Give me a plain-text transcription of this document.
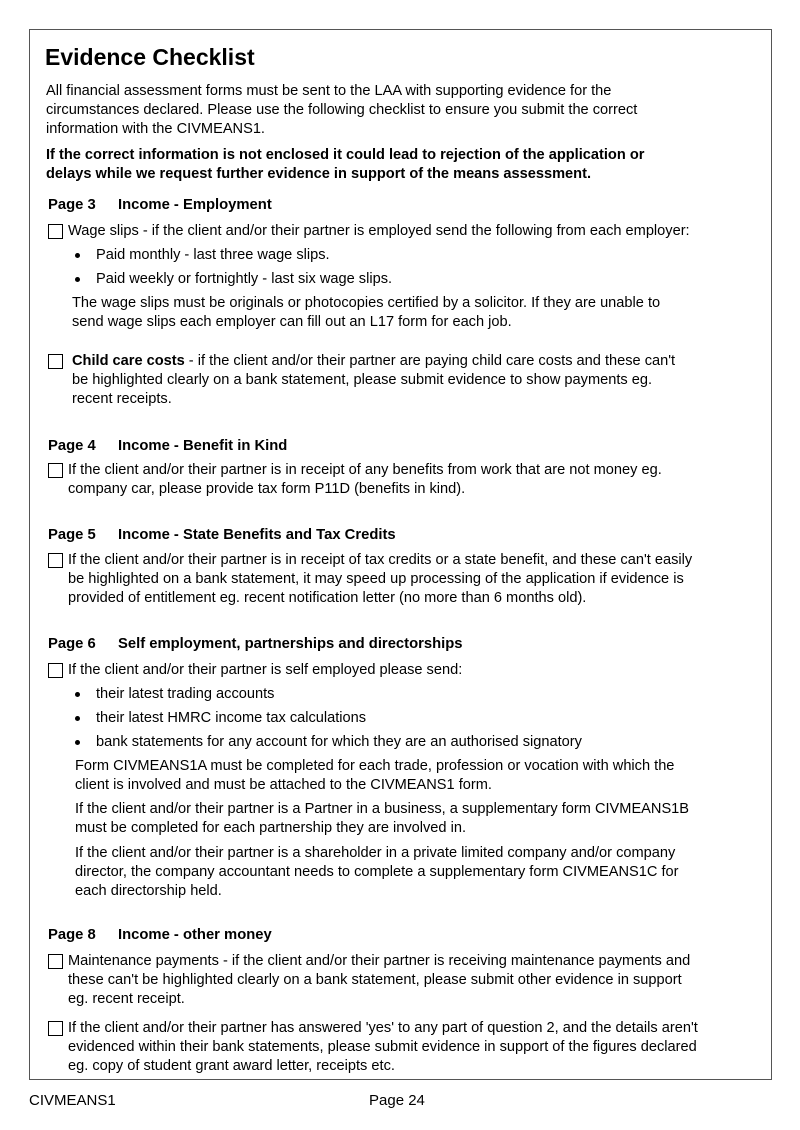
Evidence Checklist
All financial assessment forms must be sent to the LAA with supporting evidence for the
circumstances declared. Please use the following checklist to ensure you submit the correct
information with the CIVMEANS1.
If the correct information is not enclosed it could lead to rejection of the application or
delays while we request further evidence in support of the means assessment.
Page 3 Income - Employment
Wage slips - if the client and/or their partner is employed send the following from each employer:
Paid monthly - last three wage slips.
Paid weekly or fortnightly - last six wage slips.
The wage slips must be originals or photocopies certified by a solicitor. If they are unable to
send wage slips each employer can fill out an L17 form for each job.
Child care costs - if the client and/or their partner are paying child care costs and these can't
be highlighted clearly on a bank statement, please submit evidence to show payments eg.
recent receipts.
Page 4 Income - Benefit in Kind
If the client and/or their partner is in receipt of any benefits from work that are not money eg.
company car, please provide tax form P11D (benefits in kind).
Page 5 Income - State Benefits and Tax Credits
If the client and/or their partner is in receipt of tax credits or a state benefit, and these can't easily
be highlighted on a bank statement, it may speed up processing of the application if evidence is
provided of entitlement eg. recent notification letter (no more than 6 months old).
Page 6 Self employment, partnerships and directorships
If the client and/or their partner is self employed please send:
their latest trading accounts
their latest HMRC income tax calculations
bank statements for any account for which they are an authorised signatory
Form CIVMEANS1A must be completed for each trade, profession or vocation with which the
client is involved and must be attached to the CIVMEANS1 form.
If the client and/or their partner is a Partner in a business, a supplementary form CIVMEANS1B
must be completed for each partnership they are involved in.
If the client and/or their partner is a shareholder in a private limited company and/or company
director, the company accountant needs to complete a supplementary form CIVMEANS1C for
each directorship held.
Page 8 Income - other money
Maintenance payments - if the client and/or their partner is receiving maintenance payments and
these can't be highlighted clearly on a bank statement, please submit other evidence in support
eg. recent receipt.
If the client and/or their partner has answered 'yes' to any part of question 2, and the details aren't
evidenced within their bank statements, please submit evidence in support of the figures declared
eg. copy of student grant award letter, receipts etc.
CIVMEANS1	Page 24
